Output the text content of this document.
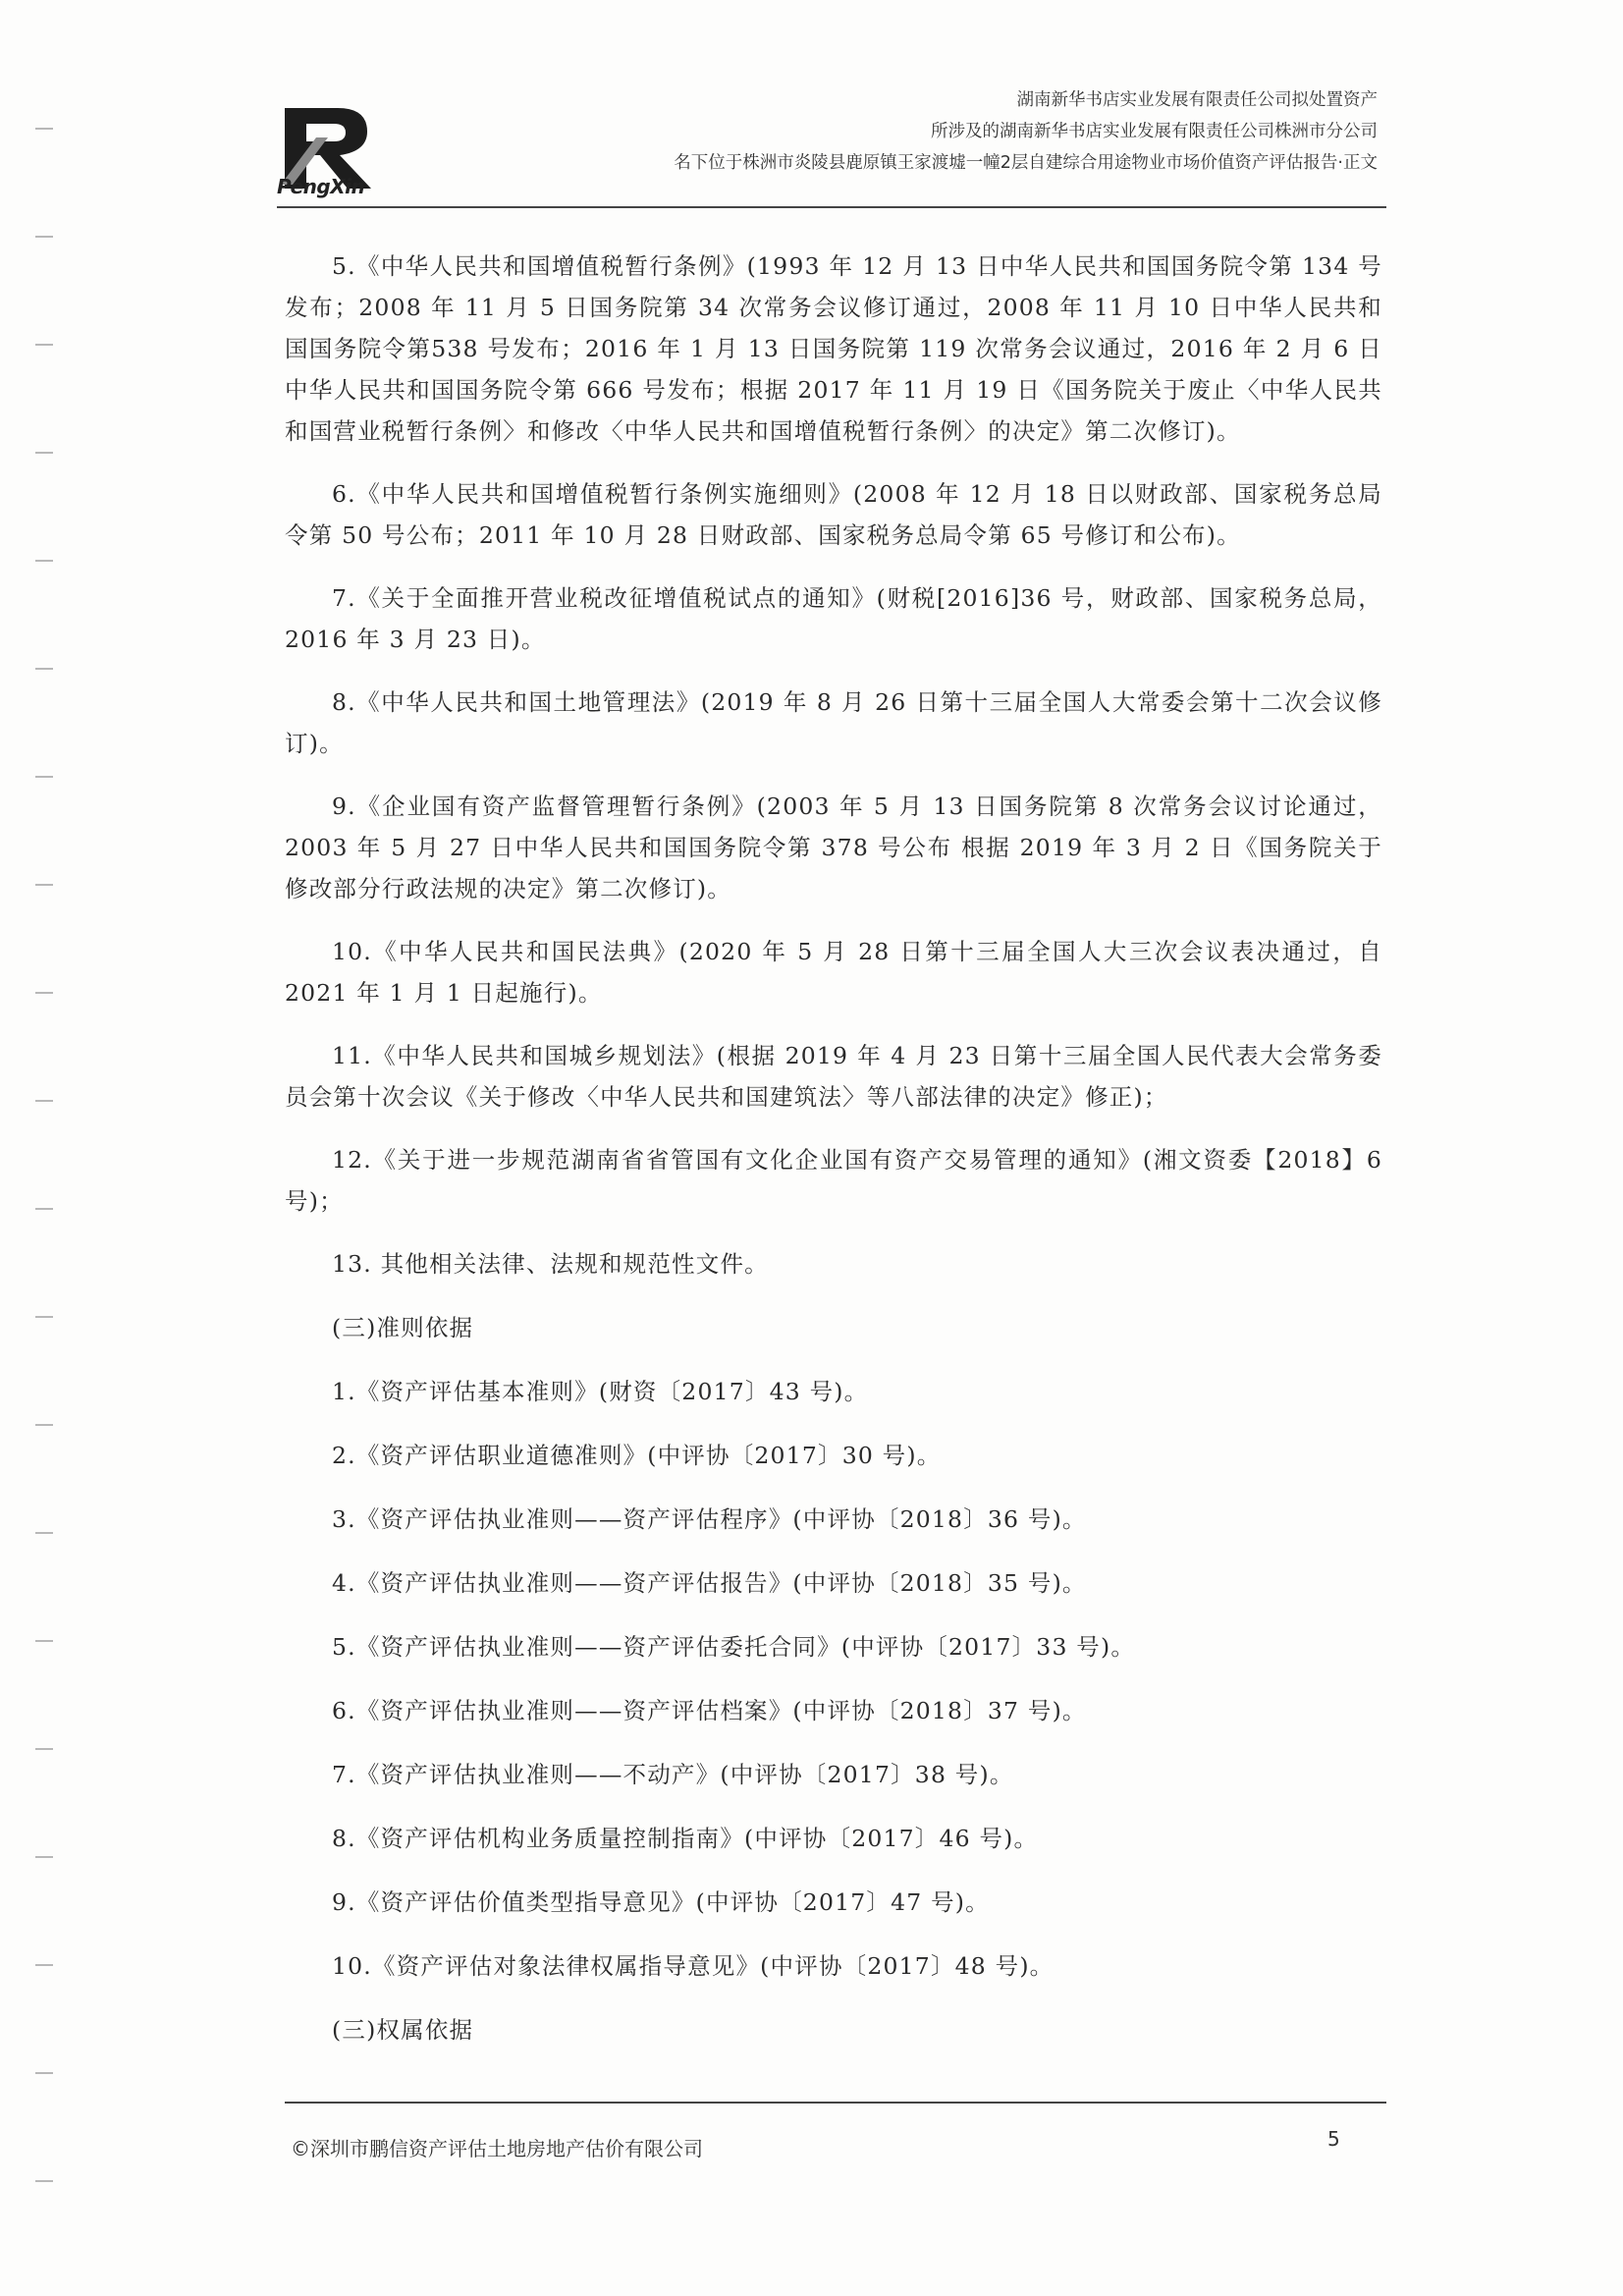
PengXin
湖南新华书店实业发展有限责任公司拟处置资产
所涉及的湖南新华书店实业发展有限责任公司株洲市分公司
名下位于株洲市炎陵县鹿原镇王家渡墟一幢2层自建综合用途物业市场价值资产评估报告·正文

5.《中华人民共和国增值税暂行条例》(1993 年 12 月 13 日中华人民共和国国务院令第 134 号发布；2008 年 11 月 5 日国务院第 34 次常务会议修订通过，2008 年 11 月 10 日中华人民共和国国务院令第538 号发布；2016 年 1 月 13 日国务院第 119 次常务会议通过，2016 年 2 月 6 日中华人民共和国国务院令第 666 号发布；根据 2017 年 11 月 19 日《国务院关于废止〈中华人民共和国营业税暂行条例〉和修改〈中华人民共和国增值税暂行条例〉的决定》第二次修订)。

6.《中华人民共和国增值税暂行条例实施细则》(2008 年 12 月 18 日以财政部、国家税务总局令第 50 号公布；2011 年 10 月 28 日财政部、国家税务总局令第 65 号修订和公布)。

7.《关于全面推开营业税改征增值税试点的通知》(财税[2016]36 号，财政部、国家税务总局，2016 年 3 月 23 日)。

8.《中华人民共和国土地管理法》(2019 年 8 月 26 日第十三届全国人大常委会第十二次会议修订)。

9.《企业国有资产监督管理暂行条例》(2003 年 5 月 13 日国务院第 8 次常务会议讨论通过，2003 年 5 月 27 日中华人民共和国国务院令第 378 号公布 根据 2019 年 3 月 2 日《国务院关于修改部分行政法规的决定》第二次修订)。

10.《中华人民共和国民法典》(2020 年 5 月 28 日第十三届全国人大三次会议表决通过，自 2021 年 1 月 1 日起施行)。

11.《中华人民共和国城乡规划法》(根据 2019 年 4 月 23 日第十三届全国人民代表大会常务委员会第十次会议《关于修改〈中华人民共和国建筑法〉等八部法律的决定》修正)；

12.《关于进一步规范湖南省省管国有文化企业国有资产交易管理的通知》(湘文资委【2018】6 号)；

13. 其他相关法律、法规和规范性文件。

(三)准则依据

1.《资产评估基本准则》(财资〔2017〕43 号)。

2.《资产评估职业道德准则》(中评协〔2017〕30 号)。

3.《资产评估执业准则——资产评估程序》(中评协〔2018〕36 号)。

4.《资产评估执业准则——资产评估报告》(中评协〔2018〕35 号)。

5.《资产评估执业准则——资产评估委托合同》(中评协〔2017〕33 号)。

6.《资产评估执业准则——资产评估档案》(中评协〔2018〕37 号)。

7.《资产评估执业准则——不动产》(中评协〔2017〕38 号)。

8.《资产评估机构业务质量控制指南》(中评协〔2017〕46 号)。

9.《资产评估价值类型指导意见》(中评协〔2017〕47 号)。

10.《资产评估对象法律权属指导意见》(中评协〔2017〕48 号)。

(三)权属依据

©深圳市鹏信资产评估土地房地产估价有限公司	5
